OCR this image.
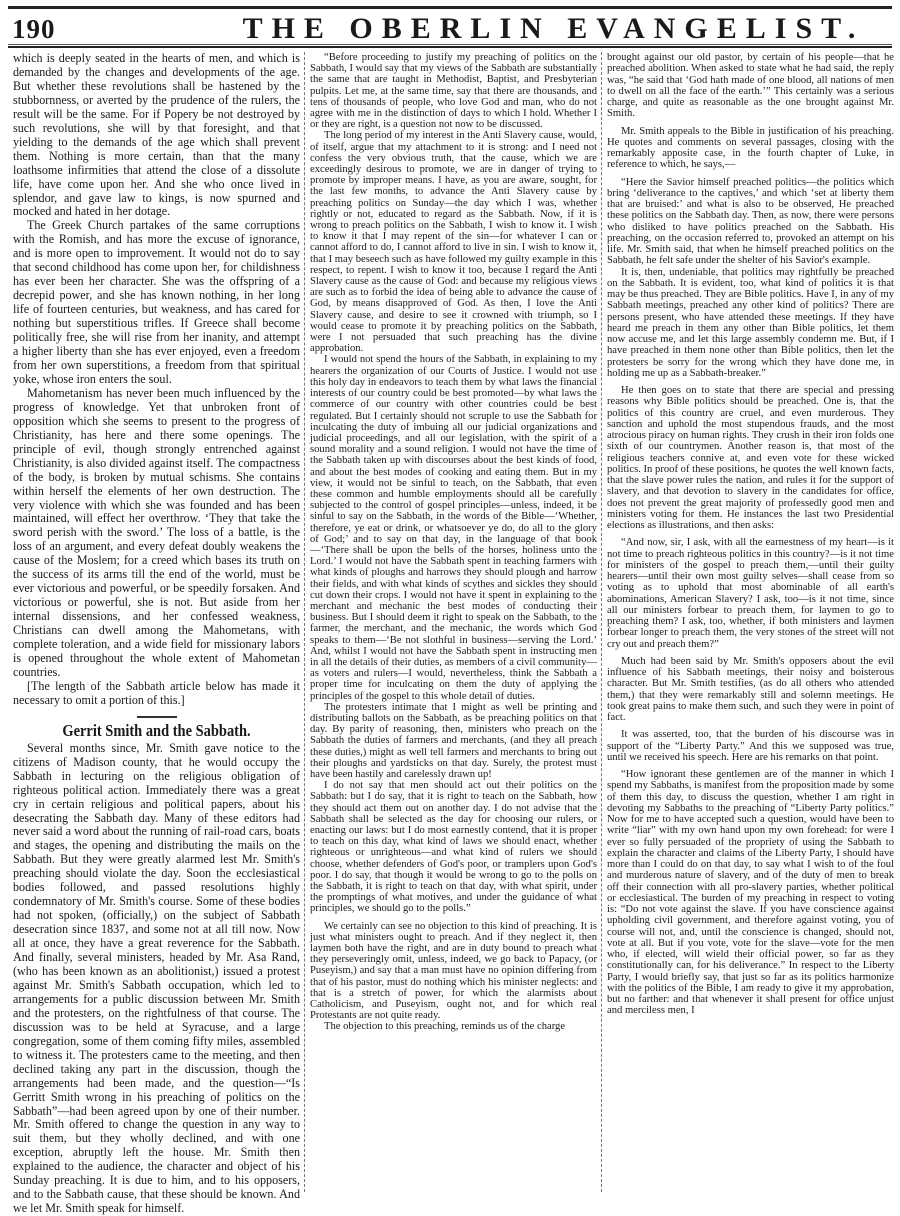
190	THE OBERLIN EVANGELIST.

which is deeply seated in the hearts of men, and which is demanded by the changes and developments of the age. But whether these revolutions shall be hastened by the stubbornness, or averted by the prudence of the rulers, the result will be the same. For if Popery be not destroyed by such revolutions, she will by that foresight, and that yielding to the demands of the age which shall prevent them. Nothing is more certain, than that the many loathsome infirmities that attend the close of a dissolute life, have come upon her. And she who once lived in splendor, and gave law to kings, is now spurned and mocked and hated in her dotage.

The Greek Church partakes of the same corruptions with the Romish, and has more the excuse of ignorance, and is more open to improvement. It would not do to say that second childhood has come upon her, for childishness has ever been her character. She was the offspring of a decrepid power, and she has known nothing, in her long life of fourteen centuries, but weakness, and has cared for nothing but superstitious trifles. If Greece shall become politically free, she will rise from her inanity, and attempt a higher liberty than she has ever enjoyed, even a freedom from her own superstitions, a freedom from that spiritual yoke, whose iron enters the soul.

Mahometanism has never been much influenced by the progress of knowledge. Yet that unbroken front of opposition which she seems to present to the progress of Christianity, has here and there some openings. The principle of evil, though strongly entrenched against Christianity, is also divided against itself. The compactness of the body, is broken by mutual schisms. She contains within herself the elements of her own destruction. The very violence with which she was founded and has been maintained, will effect her overthrow. ‘They that take the sword perish with the sword.’ The loss of a battle, is the loss of an argument, and every defeat doubly weakens the cause of the Moslem; for a creed which bases its truth on the success of its arms till the end of the world, must be ever victorious and powerful, or be speedily forsaken. And victorious or powerful, she is not. But aside from her internal dissensions, and her confessed weakness, Christians can dwell among the Mahometans, with complete toleration, and a wide field for missionary labors is opened throughout the whole extent of Mahometan countries.

[The length of the Sabbath article below has made it necessary to omit a portion of this.]

Gerrit Smith and the Sabbath.

Several months since, Mr. Smith gave notice to the citizens of Madison county, that he would occupy the Sabbath in lecturing on the religious obligation of righteous political action. Immediately there was a great cry in certain religious and political papers, about his desecrating the Sabbath day. Many of these editors had never said a word about the running of rail-road cars, boats and stages, the opening and distributing the mails on the Sabbath. But they were greatly alarmed lest Mr. Smith's preaching should violate the day. Soon the ecclesiastical bodies followed, and passed resolutions highly condemnatory of Mr. Smith's course. Some of these bodies had not spoken, (officially,) on the subject of Sabbath desecration since 1837, and some not at all till now. Now all at once, they have a great reverence for the Sabbath. And finally, several ministers, headed by Mr. Asa Rand, (who has been known as an abolitionist,) issued a protest against Mr. Smith's Sabbath occupation, which led to arrangements for a public discussion between Mr. Smith and the protesters, on the rightfulness of that course. The discussion was to be held at Syracuse, and a large congregation, some of them coming fifty miles, assembled to witness it. The protesters came to the meeting, and then declined taking any part in the discussion, though the arrangements had been made, and the question—“Is Gerritt Smith wrong in his preaching of politics on the Sabbath”—had been agreed upon by one of their number. Mr. Smith offered to change the question in any way to suit them, but they wholly declined, and with one exception, abruptly left the house. Mr. Smith then explained to the audience, the character and object of his Sunday preaching. It is due to him, and to his opposers, and to the Sabbath cause, that these should be known. And we let Mr. Smith speak for himself.

“Before proceeding to justify my preaching of politics on the Sabbath, I would say that my views of the Sabbath are substantially the same that are taught in Methodist, Baptist, and Presbyterian pulpits. Let me, at the same time, say that there are thousands, and tens of thousands of people, who love God and man, who do not agree with me in the distinction of days to which I hold. Whether I or they are right, is a question not now to be discussed.

The long period of my interest in the Anti Slavery cause, would, of itself, argue that my attachment to it is strong: and I need not confess the very obvious truth, that the cause, which we are exceedingly desirous to promote, we are in danger of trying to promote by improper means. I have, as you are aware, sought, for the last few months, to advance the Anti Slavery cause by preaching politics on Sunday—the day which I was, whether rightly or not, educated to regard as the Sabbath. Now, if it is wrong to preach politics on the Sabbath, I wish to know it. I wish to know it that I may repent of the sin—for whatever I can or cannot afford to do, I cannot afford to live in sin. I wish to know it, that I may beseech such as have followed my guilty example in this respect, to repent. I wish to know it too, because I regard the Anti Slavery cause as the cause of God: and because my religious views are such as to forbid the idea of being able to advance the cause of God, by means disapproved of God. As then, I love the Anti Slavery cause, and desire to see it crowned with triumph, so I would cease to promote it by preaching politics on the Sabbath, were I not persuaded that such preaching has the divine approbation.

I would not spend the hours of the Sabbath, in explaining to my hearers the organization of our Courts of Justice. I would not use this holy day in endeavors to teach them by what laws the financial interests of our country could be best promoted—by what laws the commerce of our country with other countries could be best regulated. But I certainly should not scruple to use the Sabbath for inculcating the duty of imbuing all our judicial organizations and judicial proceedings, and all our legislation, with the spirit of a sound morality and a sound religion. I would not have the time of the Sabbath taken up with discourses about the best kinds of food, and about the best modes of cooking and eating them. But in my view, it would not be sinful to teach, on the Sabbath, that even these common and humble employments should all be carefully subjected to the control of gospel principles—unless, indeed, it be sinful to say on the Sabbath, in the words of the Bible—‘Whether, therefore, ye eat or drink, or whatsoever ye do, do all to the glory of God;’ and to say on that day, in the language of that book—‘There shall be upon the bells of the horses, holiness unto the Lord.’ I would not have the Sabbath spent in teaching farmers with what kinds of ploughs and harrows they should plough and harrow their fields, and with what kinds of scythes and sickles they should cut down their crops. I would not have it spent in explaining to the merchant and mechanic the best modes of conducting their business. But I should deem it right to speak on the Sabbath, to the farmer, the merchant, and the mechanic, the words which God speaks to them—‘Be not slothful in business—serving the Lord.’ And, whilst I would not have the Sabbath spent in instructing men in all the details of their duties, as members of a civil community—as voters and rulers—I would, nevertheless, think the Sabbath a proper time for inculcating on them the duty of applying the principles of the gospel to this whole detail of duties.

The protesters intimate that I might as well be printing and distributing ballots on the Sabbath, as be preaching politics on that day. By parity of reasoning, then, ministers who preach on the Sabbath the duties of farmers and merchants, (and they all preach these duties,) might as well tell farmers and merchants to bring out their ploughs and yardsticks on that day. Surely, the protest must have been hastily and carelessly drawn up!

I do not say that men should act out their politics on the Sabbath: but I do say, that it is right to teach on the Sabbath, how they should act them out on another day. I do not advise that the Sabbath shall be selected as the day for choosing our rulers, or enacting our laws: but I do most earnestly contend, that it is proper to teach on this day, what kind of laws we should enact, whether righteous or unrighteous—and what kind of rulers we should choose, whether defenders of God's poor, or tramplers upon God's poor. I do say, that though it would be wrong to go to the polls on the Sabbath, it is right to teach on that day, with what spirit, under the promptings of what motives, and under the guidance of what principles, we should go to the polls.”

We certainly can see no objection to this kind of preaching. It is just what ministers ought to preach. And if they neglect it, then laymen both have the right, and are in duty bound to preach what they perseveringly omit, unless, indeed, we go back to Papacy, (or Puseyism,) and say that a man must have no opinion differing from that of his pastor, must do nothing which his minister neglects: and that is a stretch of power, for which the alarmists about Catholicism, and Puseyism, ought not, and for which real Protestants are not quite ready.

The objection to this preaching, reminds us of the charge

brought against our old pastor, by certain of his people—that he preached abolition. When asked to state what he had said, the reply was, “he said that ‘God hath made of one blood, all nations of men to dwell on all the face of the earth.’” This certainly was a serious charge, and quite as reasonable as the one brought against Mr. Smith.

Mr. Smith appeals to the Bible in justification of his preaching. He quotes and comments on several passages, closing with the remarkably apposite case, in the fourth chapter of Luke, in reference to which, he says,—

“Here the Savior himself preached politics—the politics which bring ‘deliverance to the captives,’ and which ‘set at liberty them that are bruised:’ and what is also to be observed, He preached these politics on the Sabbath day. Then, as now, there were persons who disliked to have politics preached on the Sabbath. His preaching, on the occasion referred to, provoked an attempt on his life. Mr. Smith said, that when he himself preached politics on the Sabbath, he felt safe under the shelter of his Savior's example.

It is, then, undeniable, that politics may rightfully be preached on the Sabbath. It is evident, too, what kind of politics it is that may be thus preached. They are Bible politics. Have I, in any of my Sabbath meetings, preached any other kind of politics? There are persons present, who have attended these meetings. If they have heard me preach in them any other than Bible politics, let them now accuse me, and let this large assembly condemn me. But, if I have preached in them none other than Bible politics, then let the protesters be sorry for the wrong which they have done me, in holding me up as a Sabbath-breaker.”

He then goes on to state that there are special and pressing reasons why Bible politics should be preached. One is, that the politics of this country are cruel, and even murderous. They sanction and uphold the most stupendous frauds, and the most atrocious piracy on human rights. They crush in their iron folds one sixth of our countrymen. Another reason is, that most of the religious teachers connive at, and even vote for these wicked politics. In proof of these positions, he quotes the well known facts, that the slave power rules the nation, and rules it for the support of slavery, and that devotion to slavery in the candidates for office, does not prevent the great majority of professedly good men and ministers voting for them. He instances the last two Presidential elections as illustrations, and then asks:

“And now, sir, I ask, with all the earnestness of my heart—is it not time to preach righteous politics in this country?—is it not time for ministers of the gospel to preach them,—until their guilty hearers—until their own most guilty selves—shall cease from so voting as to uphold that most abominable of all earth's abominations, American Slavery? I ask, too—is it not time, since all our ministers forbear to preach them, for laymen to go to preaching them? I ask, too, whether, if both ministers and laymen forbear longer to preach them, the very stones of the street will not cry out and preach them?”

Much had been said by Mr. Smith's opposers about the evil influence of his Sabbath meetings, their noisy and boisterous character. But Mr. Smith testifies, (as do all others who attended them,) that they were remarkably still and solemn meetings. He took great pains to make them such, and such they were in point of fact.

It was asserted, too, that the burden of his discourse was in support of the “Liberty Party.” And this we supposed was true, until we received his speech. Here are his remarks on that point.

“How ignorant these gentlemen are of the manner in which I spend my Sabbaths, is manifest from the proposition made by some of them this day, to discuss the question, whether I am right in devoting my Sabbaths to the preaching of “Liberty Party politics.” Now for me to have accepted such a question, would have been to write “liar” with my own hand upon my own forehead: for were I ever so fully persuaded of the propriety of using the Sabbath to explain the character and claims of the Liberty Party, I should have more than I could do on that day, to say what I wish to of the foul and murderous nature of slavery, and of the duty of men to break off their connection with all pro-slavery parties, whether political or ecclesiastical. The burden of my preaching in respect to voting is: “Do not vote against the slave. If you have conscience against upholding civil government, and therefore against voting, you of course will not, and, until the conscience is changed, should not, vote at all. But if you vote, vote for the slave—vote for the men who, if elected, will wield their official power, so far as they constitutionally can, for his deliverance.” In respect to the Liberty Party, I would briefly say, that just so far as its politics harmonize with the politics of the Bible, I am ready to give it my approbation, but no farther: and that whenever it shall present for office unjust and merciless men, I
